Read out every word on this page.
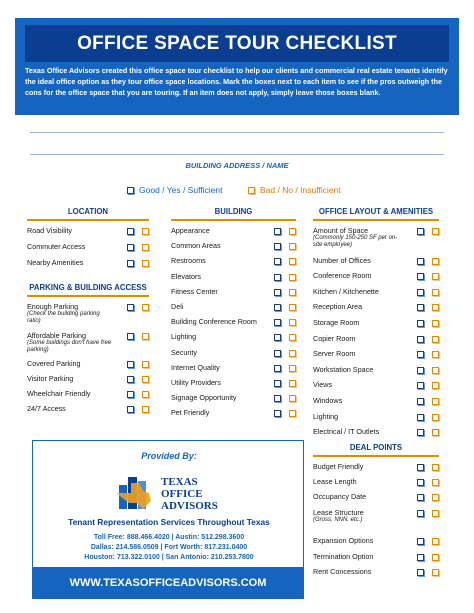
OFFICE SPACE TOUR CHECKLIST
Texas Office Advisors created this office space tour checklist to help our clients and commercial real estate tenants identify the ideal office option as they tour office space locations. Mark the boxes next to each item to see if the pros outweigh the cons for the office space that you are touring. If an item does not apply, simply leave those boxes blank.
BUILDING ADDRESS / NAME
Good / Yes / Sufficient	Bad / No / Insufficient
LOCATION
Road Visibility
Commuter Access
Nearby Amenities
PARKING & BUILDING ACCESS
Enough Parking
(Check the building parking ratio)
Affordable Parking
(Some buildings don't have free parking)
Covered Parking
Visitor Parking
Wheelchair Friendly
24/7 Access
BUILDING
Appearance
Common Areas
Restrooms
Elevators
Fitness Center
Deli
Building Conference Room
Lighting
Security
Internet Quality
Utility Providers
Signage Opportunity
Pet Friendly
OFFICE LAYOUT & AMENITIES
Amount of Space
(Commonly 150-250 SF per on-site employee)
Number of Offices
Conference Room
Kitchen / Kitchenette
Reception Area
Storage Room
Copier Room
Server Room
Workstation Space
Views
Windows
Lighting
Electrical / IT Outlets
DEAL POINTS
Budget Friendly
Lease Length
Occupancy Date
Lease Structure
(Gross, NNN, etc.)
Expansion Options
Termination Option
Rent Concessions
Provided By:
TEXAS
OFFICE
ADVISORS
Tenant Representation Services Throughout Texas
Toll Free: 888.466.4020 | Austin: 512.298.3600
Dallas: 214.586.0509 | Fort Worth: 817.231.0400
Houston: 713.322.0100 | San Antonio: 210.253.7800
WWW.TEXASOFFICEADVISORS.COM
